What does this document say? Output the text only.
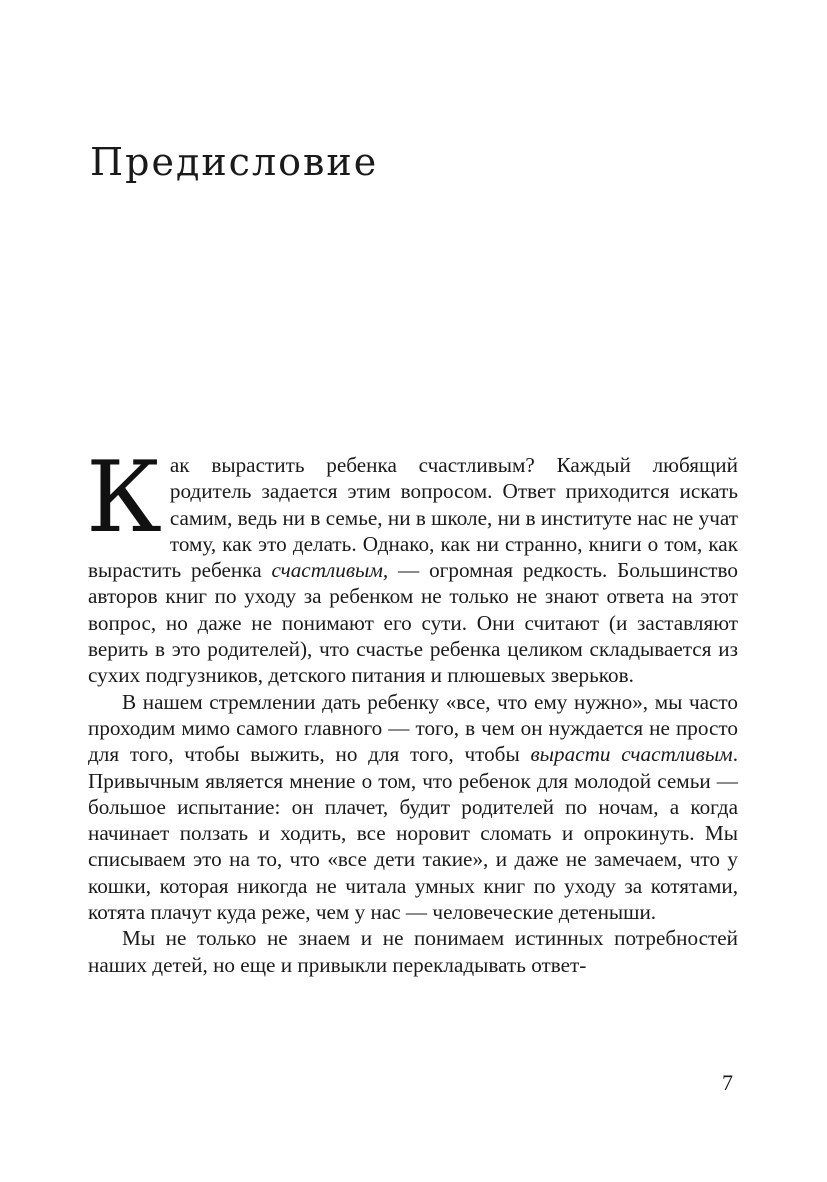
Предисловие

Как вырастить ребенка счастливым? Каждый любящий родитель задается этим вопросом. Ответ приходится искать самим, ведь ни в семье, ни в школе, ни в институте нас не учат тому, как это делать. Однако, как ни странно, книги о том, как вырастить ребенка счастливым, — огромная редкость. Большинство авторов книг по уходу за ребенком не только не знают ответа на этот вопрос, но даже не понимают его сути. Они считают (и заставляют верить в это родителей), что счастье ребенка целиком складывается из сухих подгузников, детского питания и плюшевых зверьков.

В нашем стремлении дать ребенку «все, что ему нужно», мы часто проходим мимо самого главного — того, в чем он нуждается не просто для того, чтобы выжить, но для того, чтобы вырасти счастливым. Привычным является мнение о том, что ребенок для молодой семьи — большое испытание: он плачет, будит родителей по ночам, а когда начинает ползать и ходить, все норовит сломать и опрокинуть. Мы списываем это на то, что «все дети такие», и даже не замечаем, что у кошки, которая никогда не читала умных книг по уходу за котятами, котята плачут куда реже, чем у нас — человеческие детеныши.

Мы не только не знаем и не понимаем истинных потребностей наших детей, но еще и привыкли перекладывать ответ-

7
